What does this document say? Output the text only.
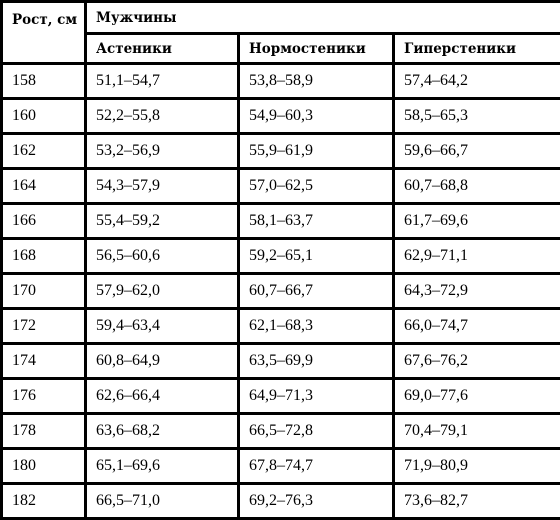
Рост, см	Мужчины		
	Астеники	Нормостеники	Гиперстеники
158	51,1–54,7	53,8–58,9	57,4–64,2
160	52,2–55,8	54,9–60,3	58,5–65,3
162	53,2–56,9	55,9–61,9	59,6–66,7
164	54,3–57,9	57,0–62,5	60,7–68,8
166	55,4–59,2	58,1–63,7	61,7–69,6
168	56,5–60,6	59,2–65,1	62,9–71,1
170	57,9–62,0	60,7–66,7	64,3–72,9
172	59,4–63,4	62,1–68,3	66,0–74,7
174	60,8–64,9	63,5–69,9	67,6–76,2
176	62,6–66,4	64,9–71,3	69,0–77,6
178	63,6–68,2	66,5–72,8	70,4–79,1
180	65,1–69,6	67,8–74,7	71,9–80,9
182	66,5–71,0	69,2–76,3	73,6–82,7
